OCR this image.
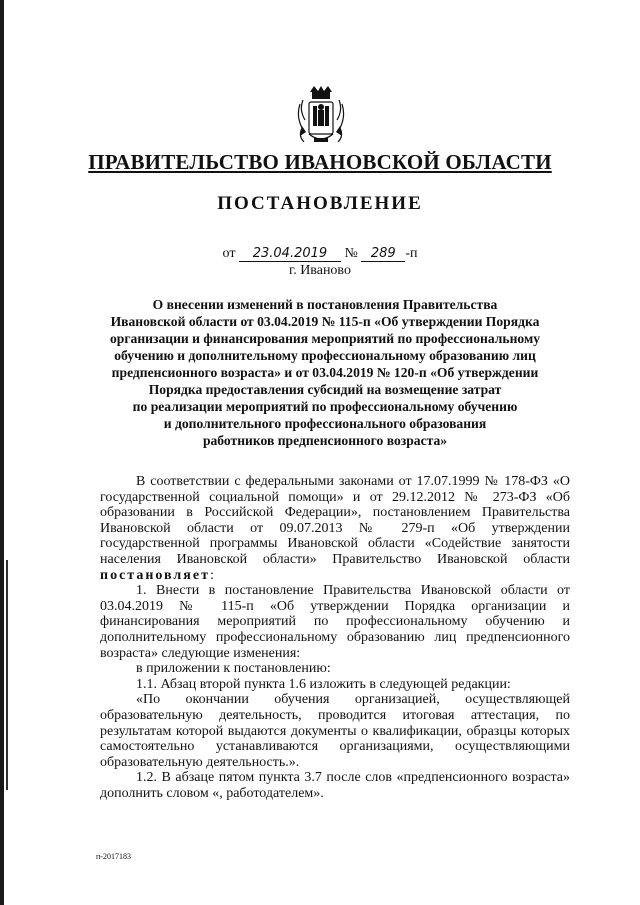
ПРАВИТЕЛЬСТВО ИВАНОВСКОЙ ОБЛАСТИ
ПОСТАНОВЛЕНИЕ
от 23.04.2019 № 289 -п
г. Иваново
О внесении изменений в постановления Правительства
Ивановской области от 03.04.2019 № 115-п «Об утверждении Порядка
организации и финансирования мероприятий по профессиональному
обучению и дополнительному профессиональному образованию лиц
предпенсионного возраста» и от 03.04.2019 № 120-п «Об утверждении
Порядка предоставления субсидий на возмещение затрат
по реализации мероприятий по профессиональному обучению
и дополнительного профессионального образования
работников предпенсионного возраста»

В соответствии с федеральными законами от 17.07.1999 № 178-ФЗ «О государственной социальной помощи» и от 29.12.2012 № 273-ФЗ «Об образовании в Российской Федерации», постановлением Правительства Ивановской области от 09.07.2013 № 279-п «Об утверждении государственной программы Ивановской области «Содействие занятости населения Ивановской области» Правительство Ивановской области постановляет:

1. Внести в постановление Правительства Ивановской области от 03.04.2019 № 115-п «Об утверждении Порядка организации и финансирования мероприятий по профессиональному обучению и дополнительному профессиональному образованию лиц предпенсионного возраста» следующие изменения:

в приложении к постановлению:

1.1. Абзац второй пункта 1.6 изложить в следующей редакции:

«По окончании обучения организацией, осуществляющей образовательную деятельность, проводится итоговая аттестация, по результатам которой выдаются документы о квалификации, образцы которых самостоятельно устанавливаются организациями, осуществляющими образовательную деятельность.».

1.2. В абзаце пятом пункта 3.7 после слов «предпенсионного возраста» дополнить словом «, работодателем».

п-2017183
